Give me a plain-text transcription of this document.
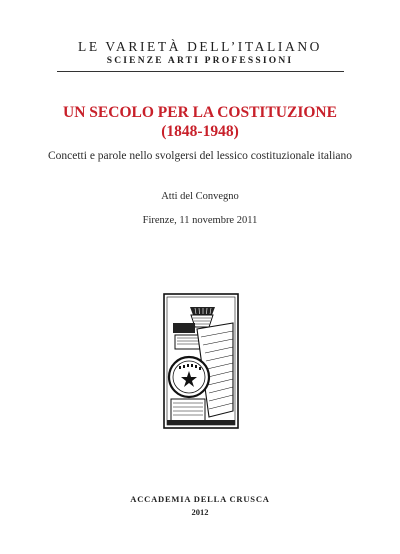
LE VARIETÀ DELL’ITALIANO
SCIENZE ARTI PROFESSIONI
UN SECOLO PER LA COSTITUZIONE
(1848-1948)
Concetti e parole nello svolgersi del lessico costituzionale italiano
Atti del Convegno
Firenze, 11 novembre 2011
ACCADEMIA DELLA CRUSCA
2012
